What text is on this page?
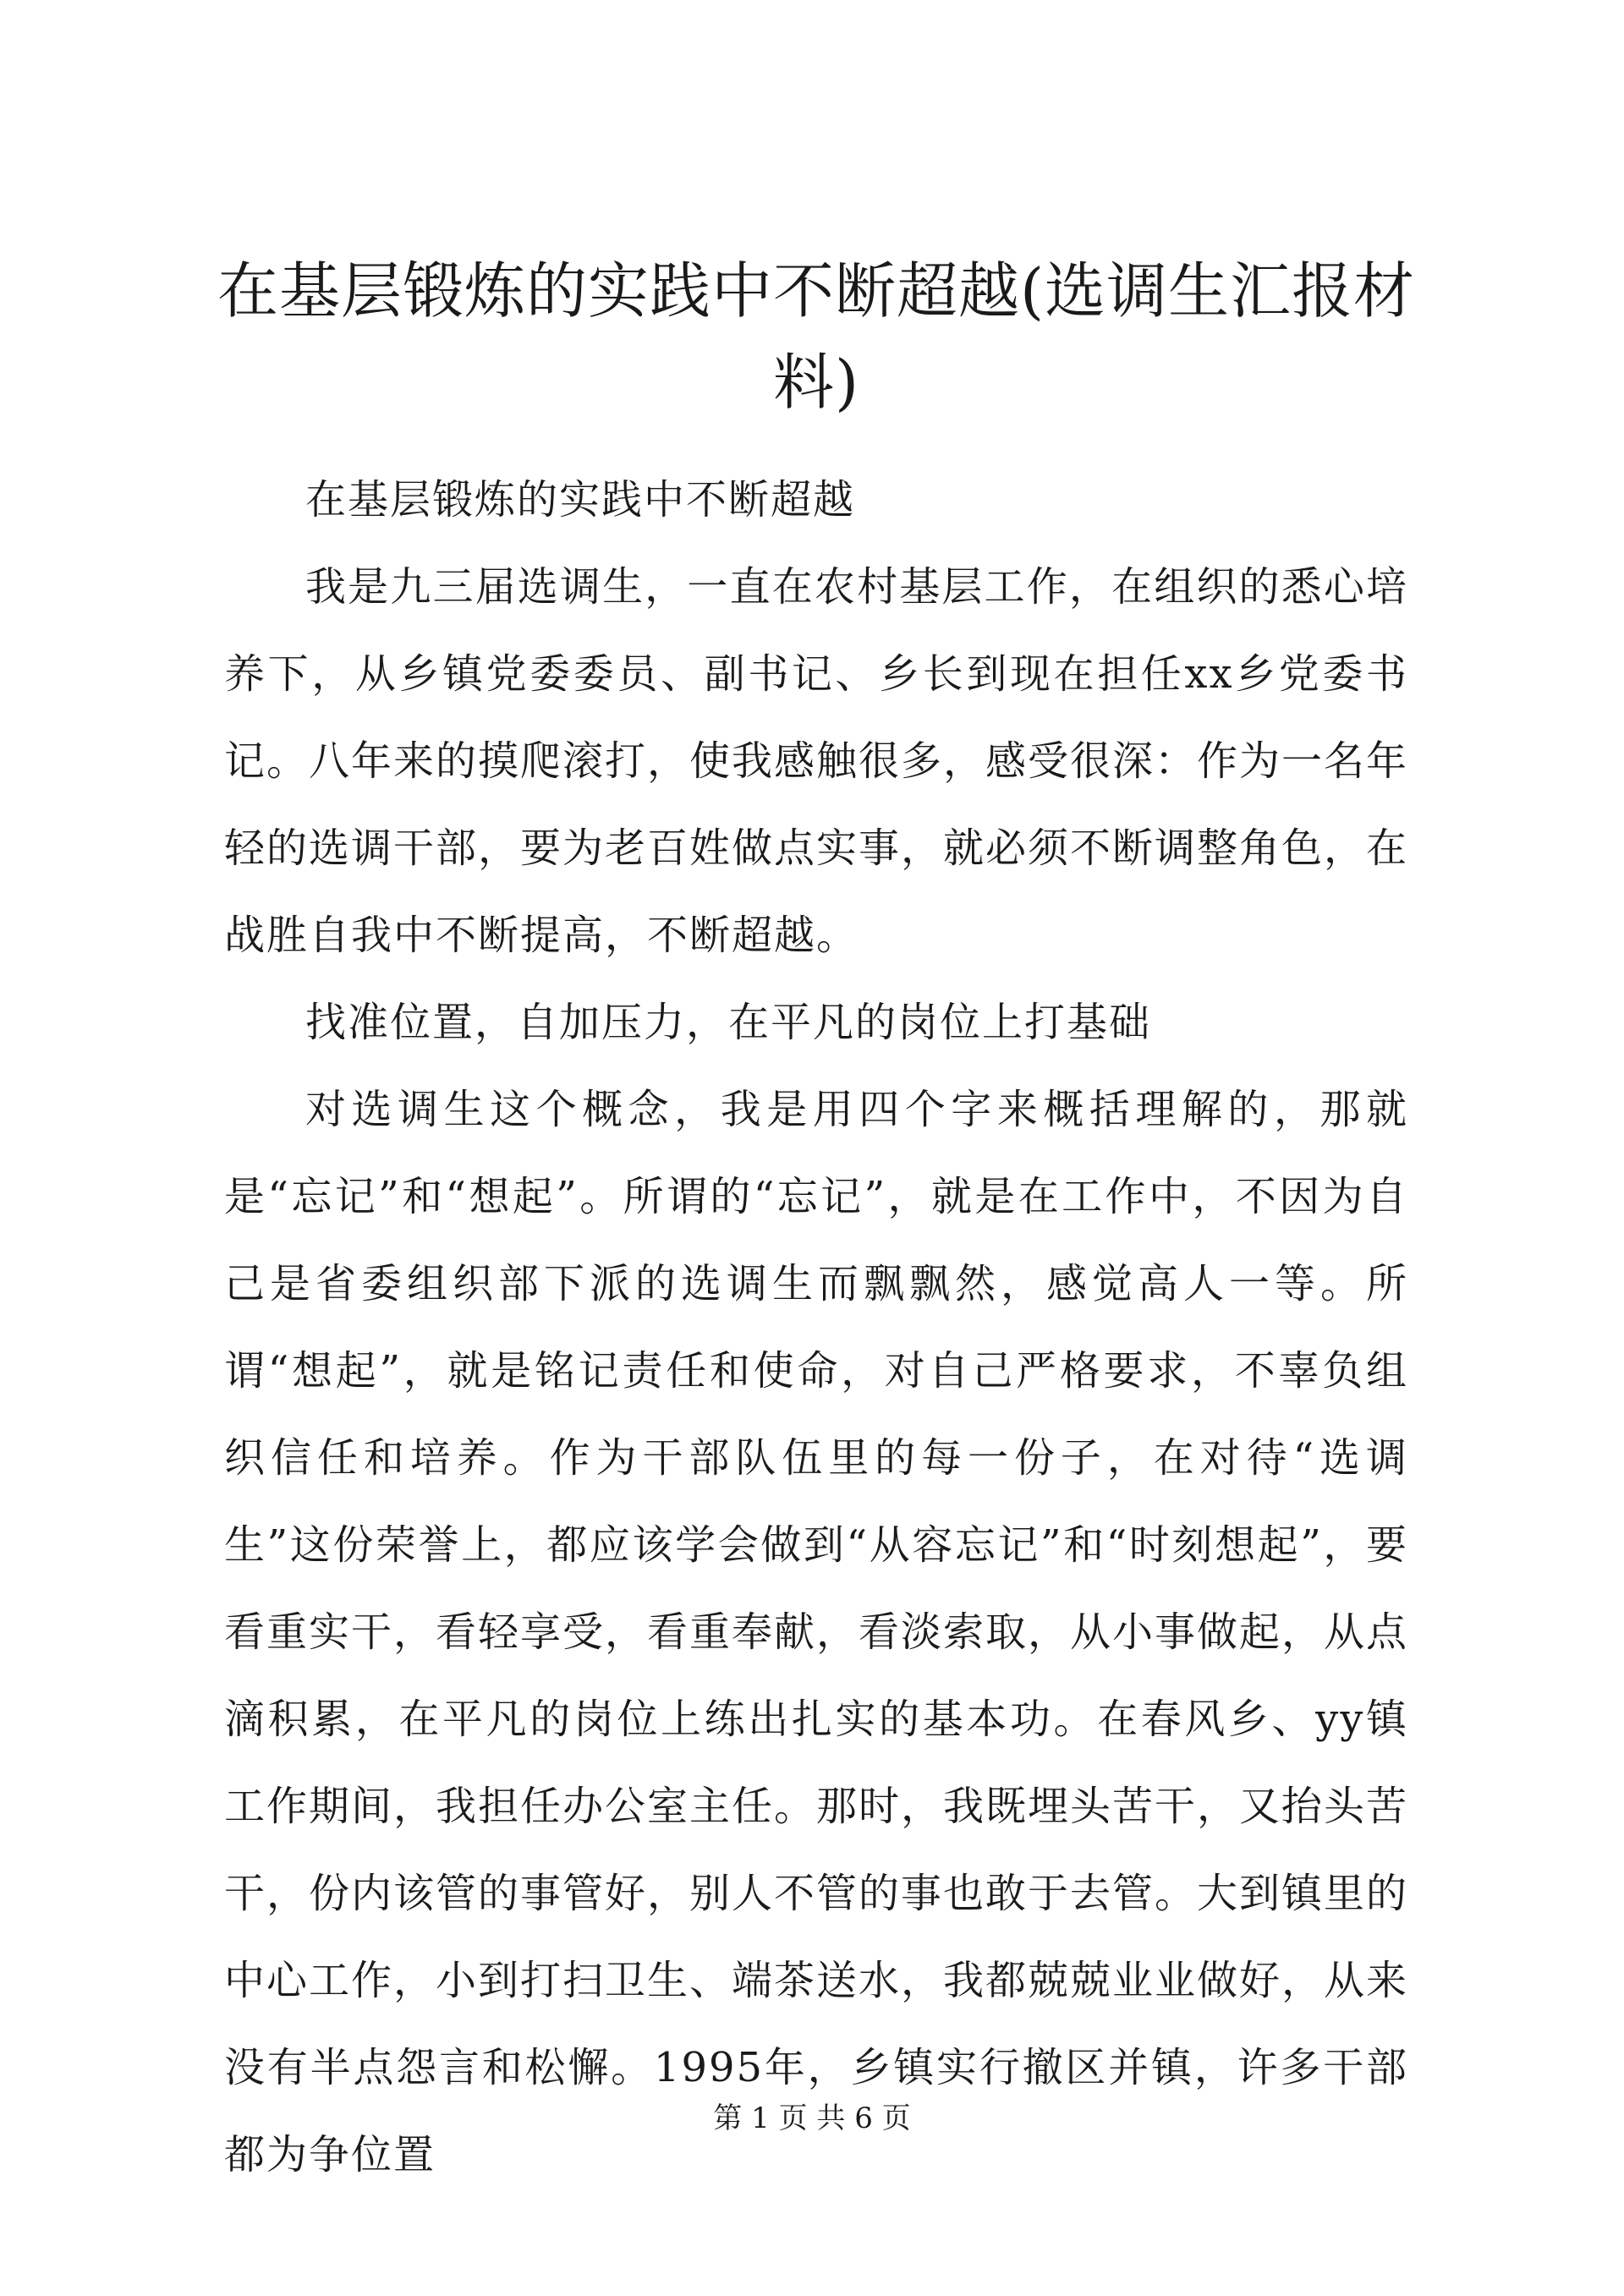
在基层锻炼的实践中不断超越(选调生汇报材料)

在基层锻炼的实践中不断超越

我是九三届选调生，一直在农村基层工作，在组织的悉心培养下，从乡镇党委委员、副书记、乡长到现在担任xx乡党委书记。八年来的摸爬滚打，使我感触很多，感受很深：作为一名年轻的选调干部，要为老百姓做点实事，就必须不断调整角色，在战胜自我中不断提高，不断超越。

找准位置，自加压力，在平凡的岗位上打基础

对选调生这个概念，我是用四个字来概括理解的，那就是“忘记”和“想起”。所谓的“忘记”，就是在工作中，不因为自己是省委组织部下派的选调生而飘飘然，感觉高人一等。所谓“想起”，就是铭记责任和使命，对自己严格要求，不辜负组织信任和培养。作为干部队伍里的每一份子，在对待“选调生”这份荣誉上，都应该学会做到“从容忘记”和“时刻想起”，要看重实干，看轻享受，看重奉献，看淡索取，从小事做起，从点滴积累，在平凡的岗位上练出扎实的基本功。在春风乡、yy镇工作期间，我担任办公室主任。那时，我既埋头苦干，又抬头苦干，份内该管的事管好，别人不管的事也敢于去管。大到镇里的中心工作，小到打扫卫生、端茶送水，我都兢兢业业做好，从来没有半点怨言和松懈。1995年，乡镇实行撤区并镇，许多干部都为争位置

第 1 页 共 6 页
